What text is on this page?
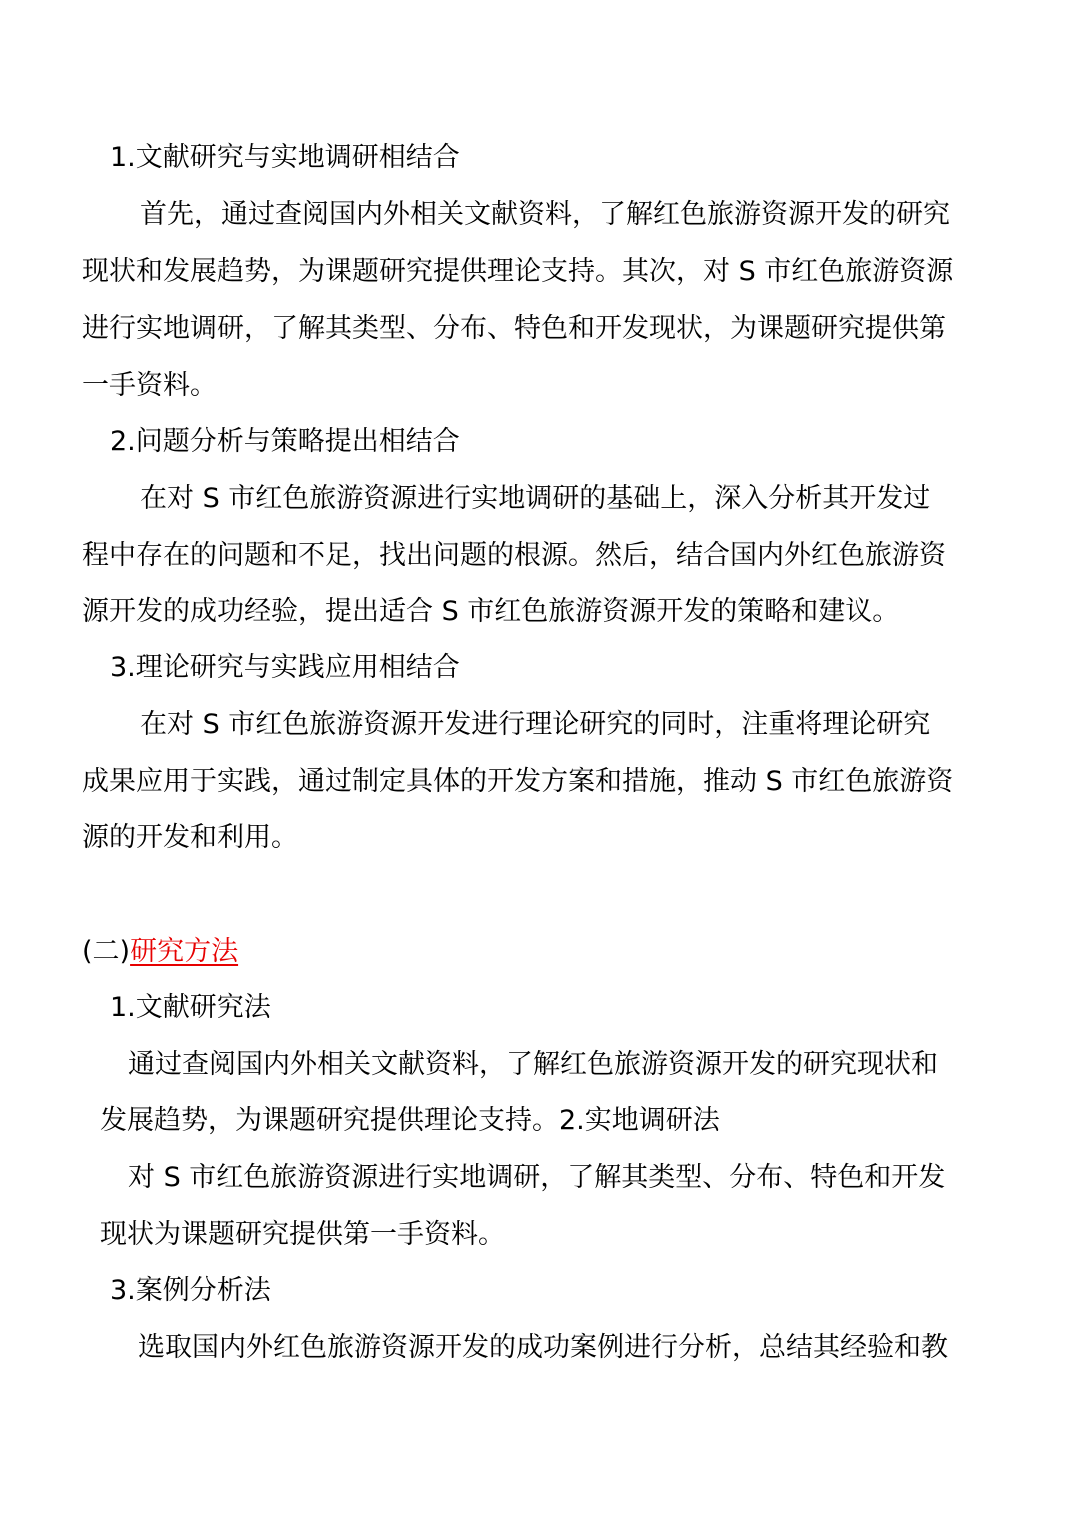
1.文献研究与实地调研相结合
首先，通过查阅国内外相关文献资料，了解红色旅游资源开发的研究
现状和发展趋势，为课题研究提供理论支持。其次，对 S 市红色旅游资源
进行实地调研，了解其类型、分布、特色和开发现状，为课题研究提供第
一手资料。
2.问题分析与策略提出相结合
在对 S 市红色旅游资源进行实地调研的基础上，深入分析其开发过
程中存在的问题和不足，找出问题的根源。然后，结合国内外红色旅游资
源开发的成功经验，提出适合 S 市红色旅游资源开发的策略和建议。
3.理论研究与实践应用相结合
在对 S 市红色旅游资源开发进行理论研究的同时，注重将理论研究
成果应用于实践，通过制定具体的开发方案和措施，推动 S 市红色旅游资
源的开发和利用。
(二)研究方法
1.文献研究法
通过查阅国内外相关文献资料，了解红色旅游资源开发的研究现状和
发展趋势，为课题研究提供理论支持。2.实地调研法
对 S 市红色旅游资源进行实地调研，了解其类型、分布、特色和开发
现状为课题研究提供第一手资料。
3.案例分析法
选取国内外红色旅游资源开发的成功案例进行分析，总结其经验和教
